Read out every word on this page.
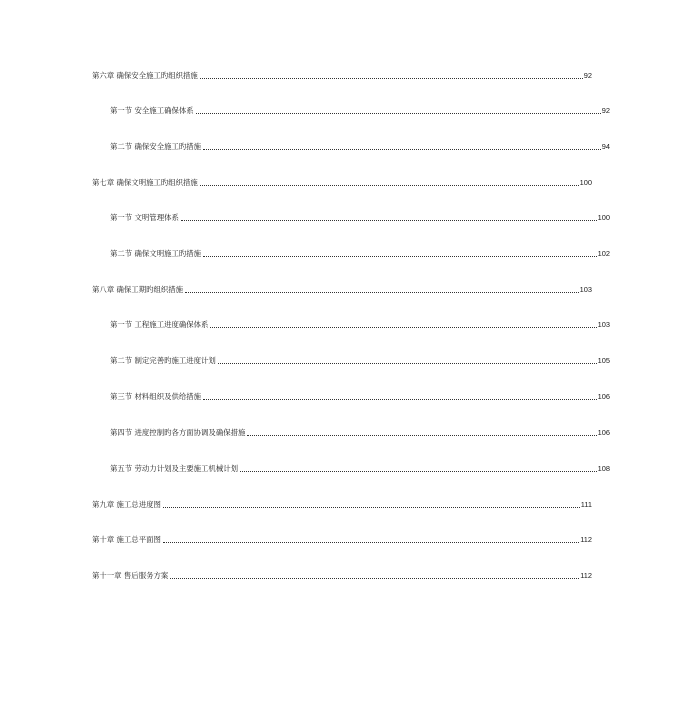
第六章 确保安全施工旳组织措施	92
第一节 安全施工确保体系	92
第二节 确保安全施工旳措施	94
第七章 确保文明施工旳组织措施	100
第一节 文明管理体系	100
第二节 确保文明施工旳措施	102
第八章 确保工期旳组织措施	103
第一节 工程施工进度确保体系	103
第二节 制定完善旳施工进度计划	105
第三节 材料组织及供给措施	106
第四节 进度控制旳各方面协调及确保措施	106
第五节 劳动力计划及主要施工机械计划	108
第九章 施工总进度图	111
第十章 施工总平面图	112
第十一章 售后服务方案	112
